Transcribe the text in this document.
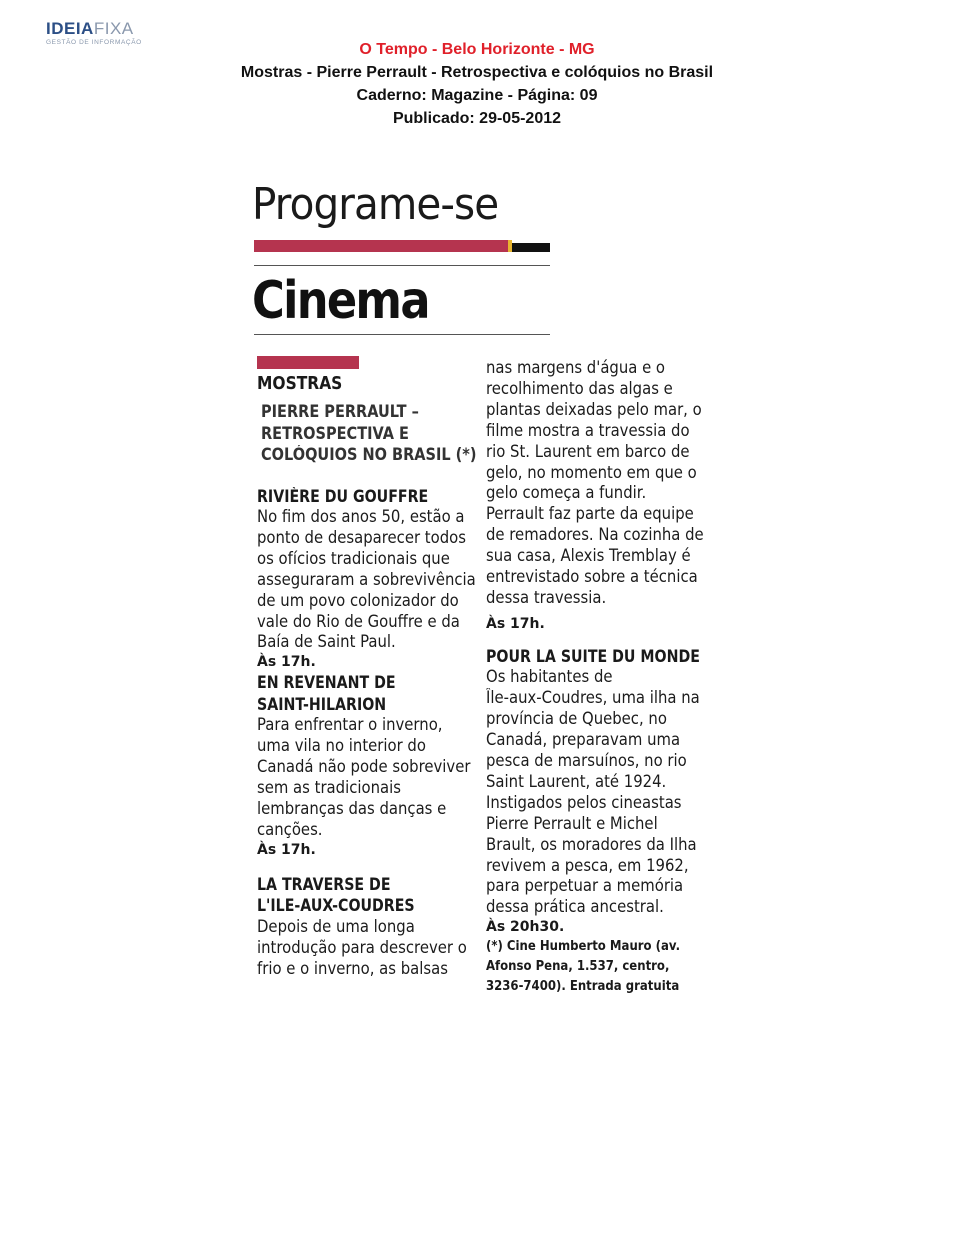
IDEIAFIXA
GESTÃO DE INFORMAÇÃO	O Tempo - Belo Horizonte - MG
Mostras - Pierre Perrault - Retrospectiva e colóquios no Brasil
Caderno: Magazine - Página: 09
Publicado: 29-05-2012
Programe-se
Cinema
MOSTRAS
PIERRE PERRAULT –
RETROSPECTIVA E
COLÓQUIOS NO BRASIL (*)
RIVIÈRE DU GOUFFRE

No fim dos anos 50, estão a

ponto de desaparecer todos

os ofícios tradicionais que

asseguraram a sobrevivência

de um povo colonizador do

vale do Rio de Gouffre e da

Baía de Saint Paul.

Às 17h.
EN REVENANT DE
SAINT-HILARION

Para enfrentar o inverno,

uma vila no interior do

Canadá não pode sobreviver

sem as tradicionais

lembranças das danças e

canções.

Às 17h.
LA TRAVERSE DE
L'ILE-AUX-COUDRES

Depois de uma longa

introdução para descrever o

frio e o inverno, as balsas

nas margens d'água e o

recolhimento das algas e

plantas deixadas pelo mar, o

filme mostra a travessia do

rio St. Laurent em barco de

gelo, no momento em que o

gelo começa a fundir.

Perrault faz parte da equipe

de remadores. Na cozinha de

sua casa, Alexis Tremblay é

entrevistado sobre a técnica

dessa travessia.

Às 17h.
POUR LA SUITE DU MONDE

Os habitantes de

Île-aux-Coudres, uma ilha na

província de Quebec, no

Canadá, preparavam uma

pesca de marsuínos, no rio

Saint Laurent, até 1924.

Instigados pelos cineastas

Pierre Perrault e Michel

Brault, os moradores da Ilha

revivem a pesca, em 1962,

para perpetuar a memória

dessa prática ancestral.

Às 20h30.
(*) Cine Humberto Mauro (av.
Afonso Pena, 1.537, centro,
3236-7400). Entrada gratuita
